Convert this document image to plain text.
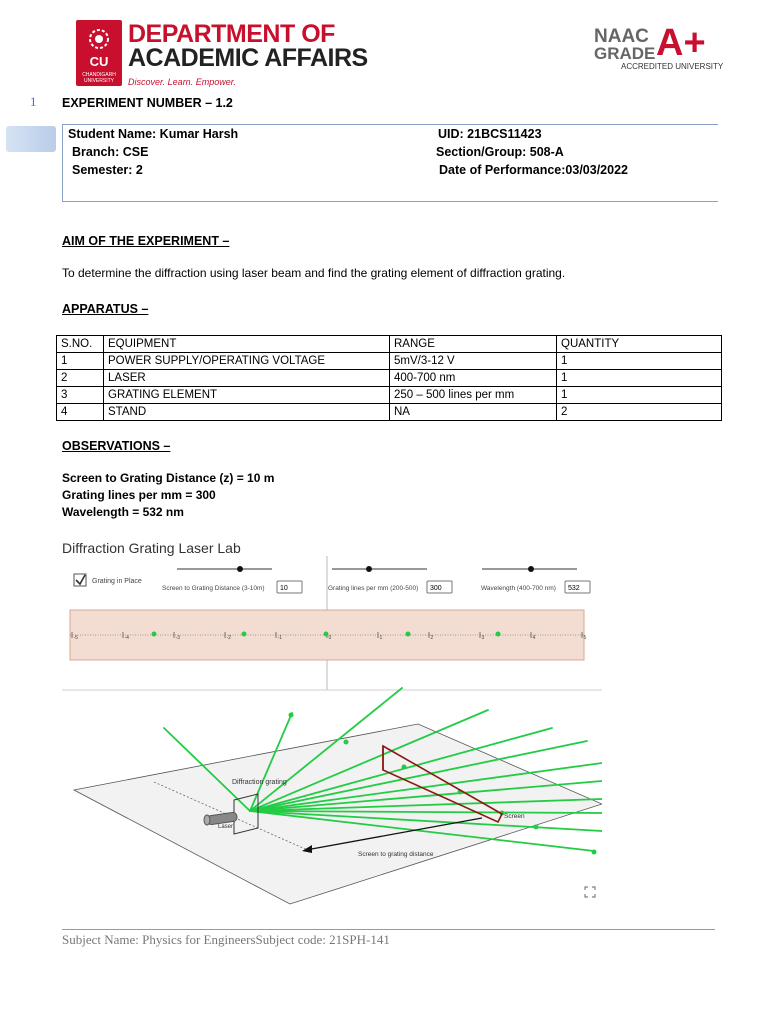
CU
CHANDIGARH UNIVERSITY
DEPARTMENT OF
ACADEMIC AFFAIRS
Discover. Learn. Empower.
NAAC
GRADE A+
ACCREDITED UNIVERSITY
1 EXPERIMENT NUMBER – 1.2
Student Name: Kumar Harsh	UID: 21BCS11423
Branch: CSE	Section/Group: 508-A
Semester: 2	Date of Performance:03/03/2022
AIM OF THE EXPERIMENT –
To determine the diffraction using laser beam and find the grating element of diffraction grating.
APPARATUS –
S.NO.	EQUIPMENT	RANGE	QUANTITY
1	POWER SUPPLY/OPERATING VOLTAGE	5mV/3-12 V	1
2	LASER	400-700 nm	1
3	GRATING ELEMENT	250 – 500 lines per mm	1
4	STAND	NA	2
OBSERVATIONS –
Screen to Grating Distance (z) = 10 m
Grating lines per mm = 300
Wavelength = 532 nm
Diffraction Grating Laser Lab
Grating in Place
Screen to Grating Distance (3-10m) 10	Grating lines per mm (200-500) 300	Wavelength (400-700 nm) 532
-5	-4	-3	-2	-1	0	1	2	3	4	5
Diffraction grating
Laser
Screen
Screen to grating distance
Subject Name: Physics for EngineersSubject code: 21SPH-141
